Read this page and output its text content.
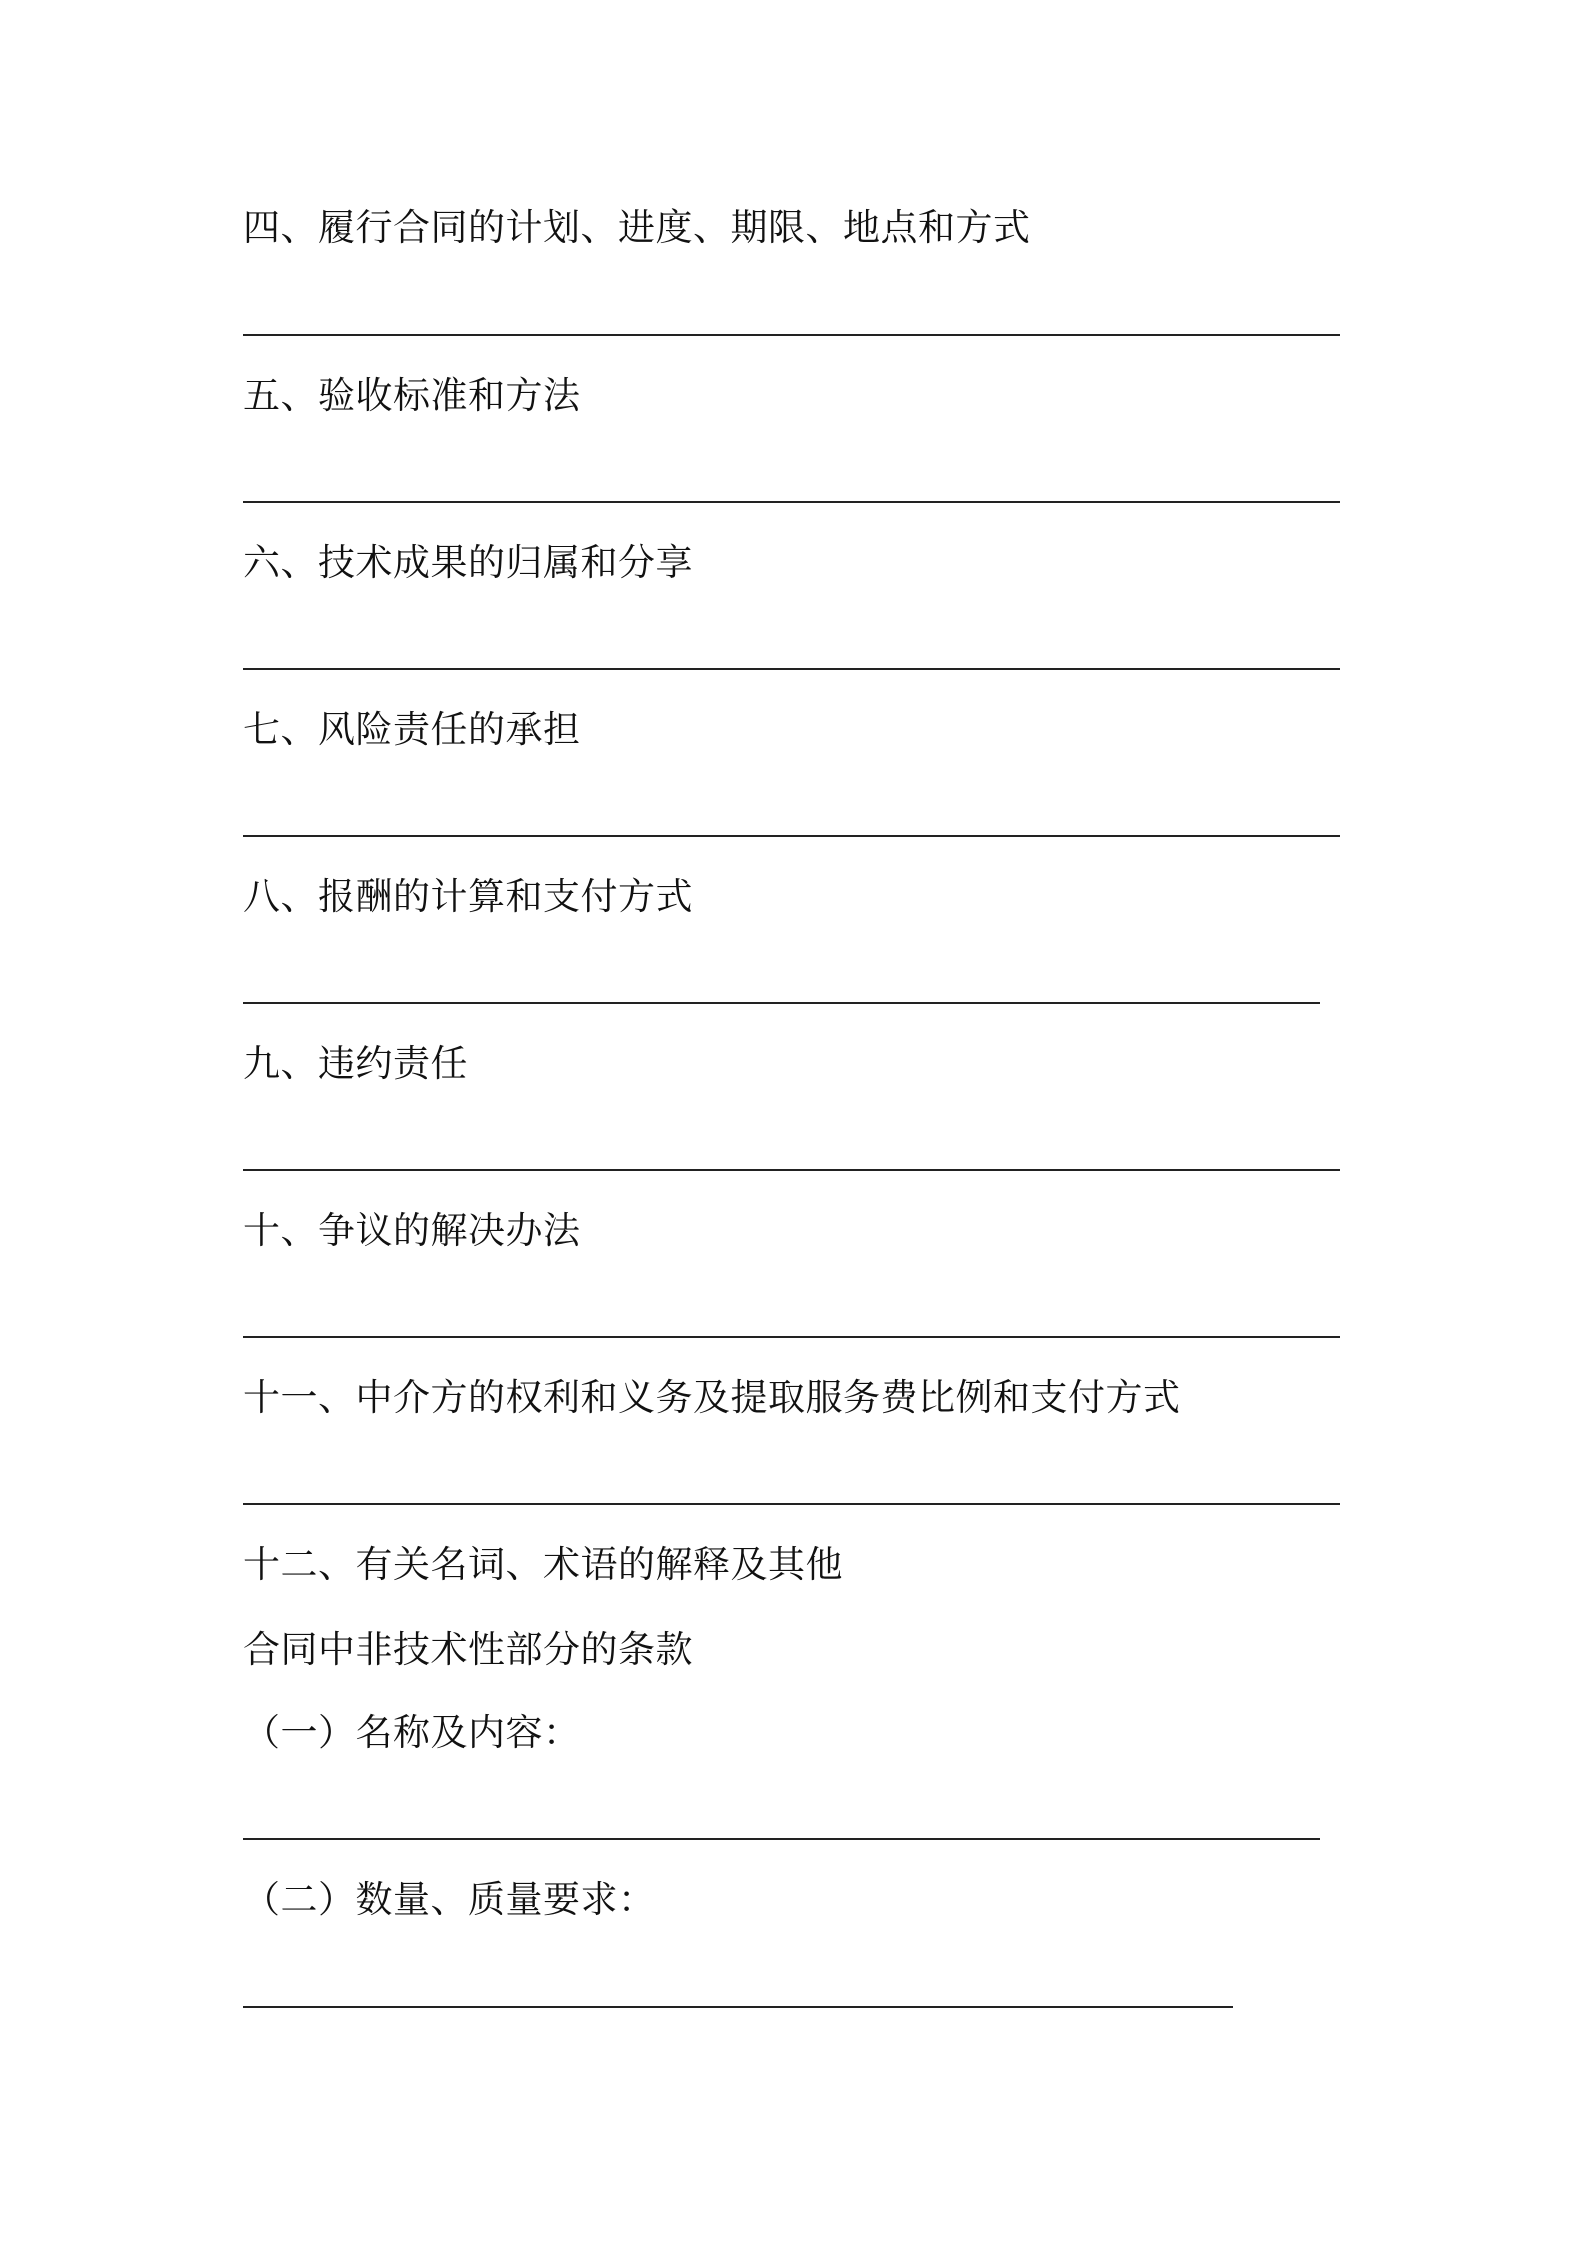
四、履行合同的计划、进度、期限、地点和方式
五、验收标准和方法
六、技术成果的归属和分享
七、风险责任的承担
八、报酬的计算和支付方式
九、违约责任
十、争议的解决办法
十一、中介方的权利和义务及提取服务费比例和支付方式
十二、有关名词、术语的解释及其他
合同中非技术性部分的条款
（一）名称及内容：
（二）数量、质量要求：
